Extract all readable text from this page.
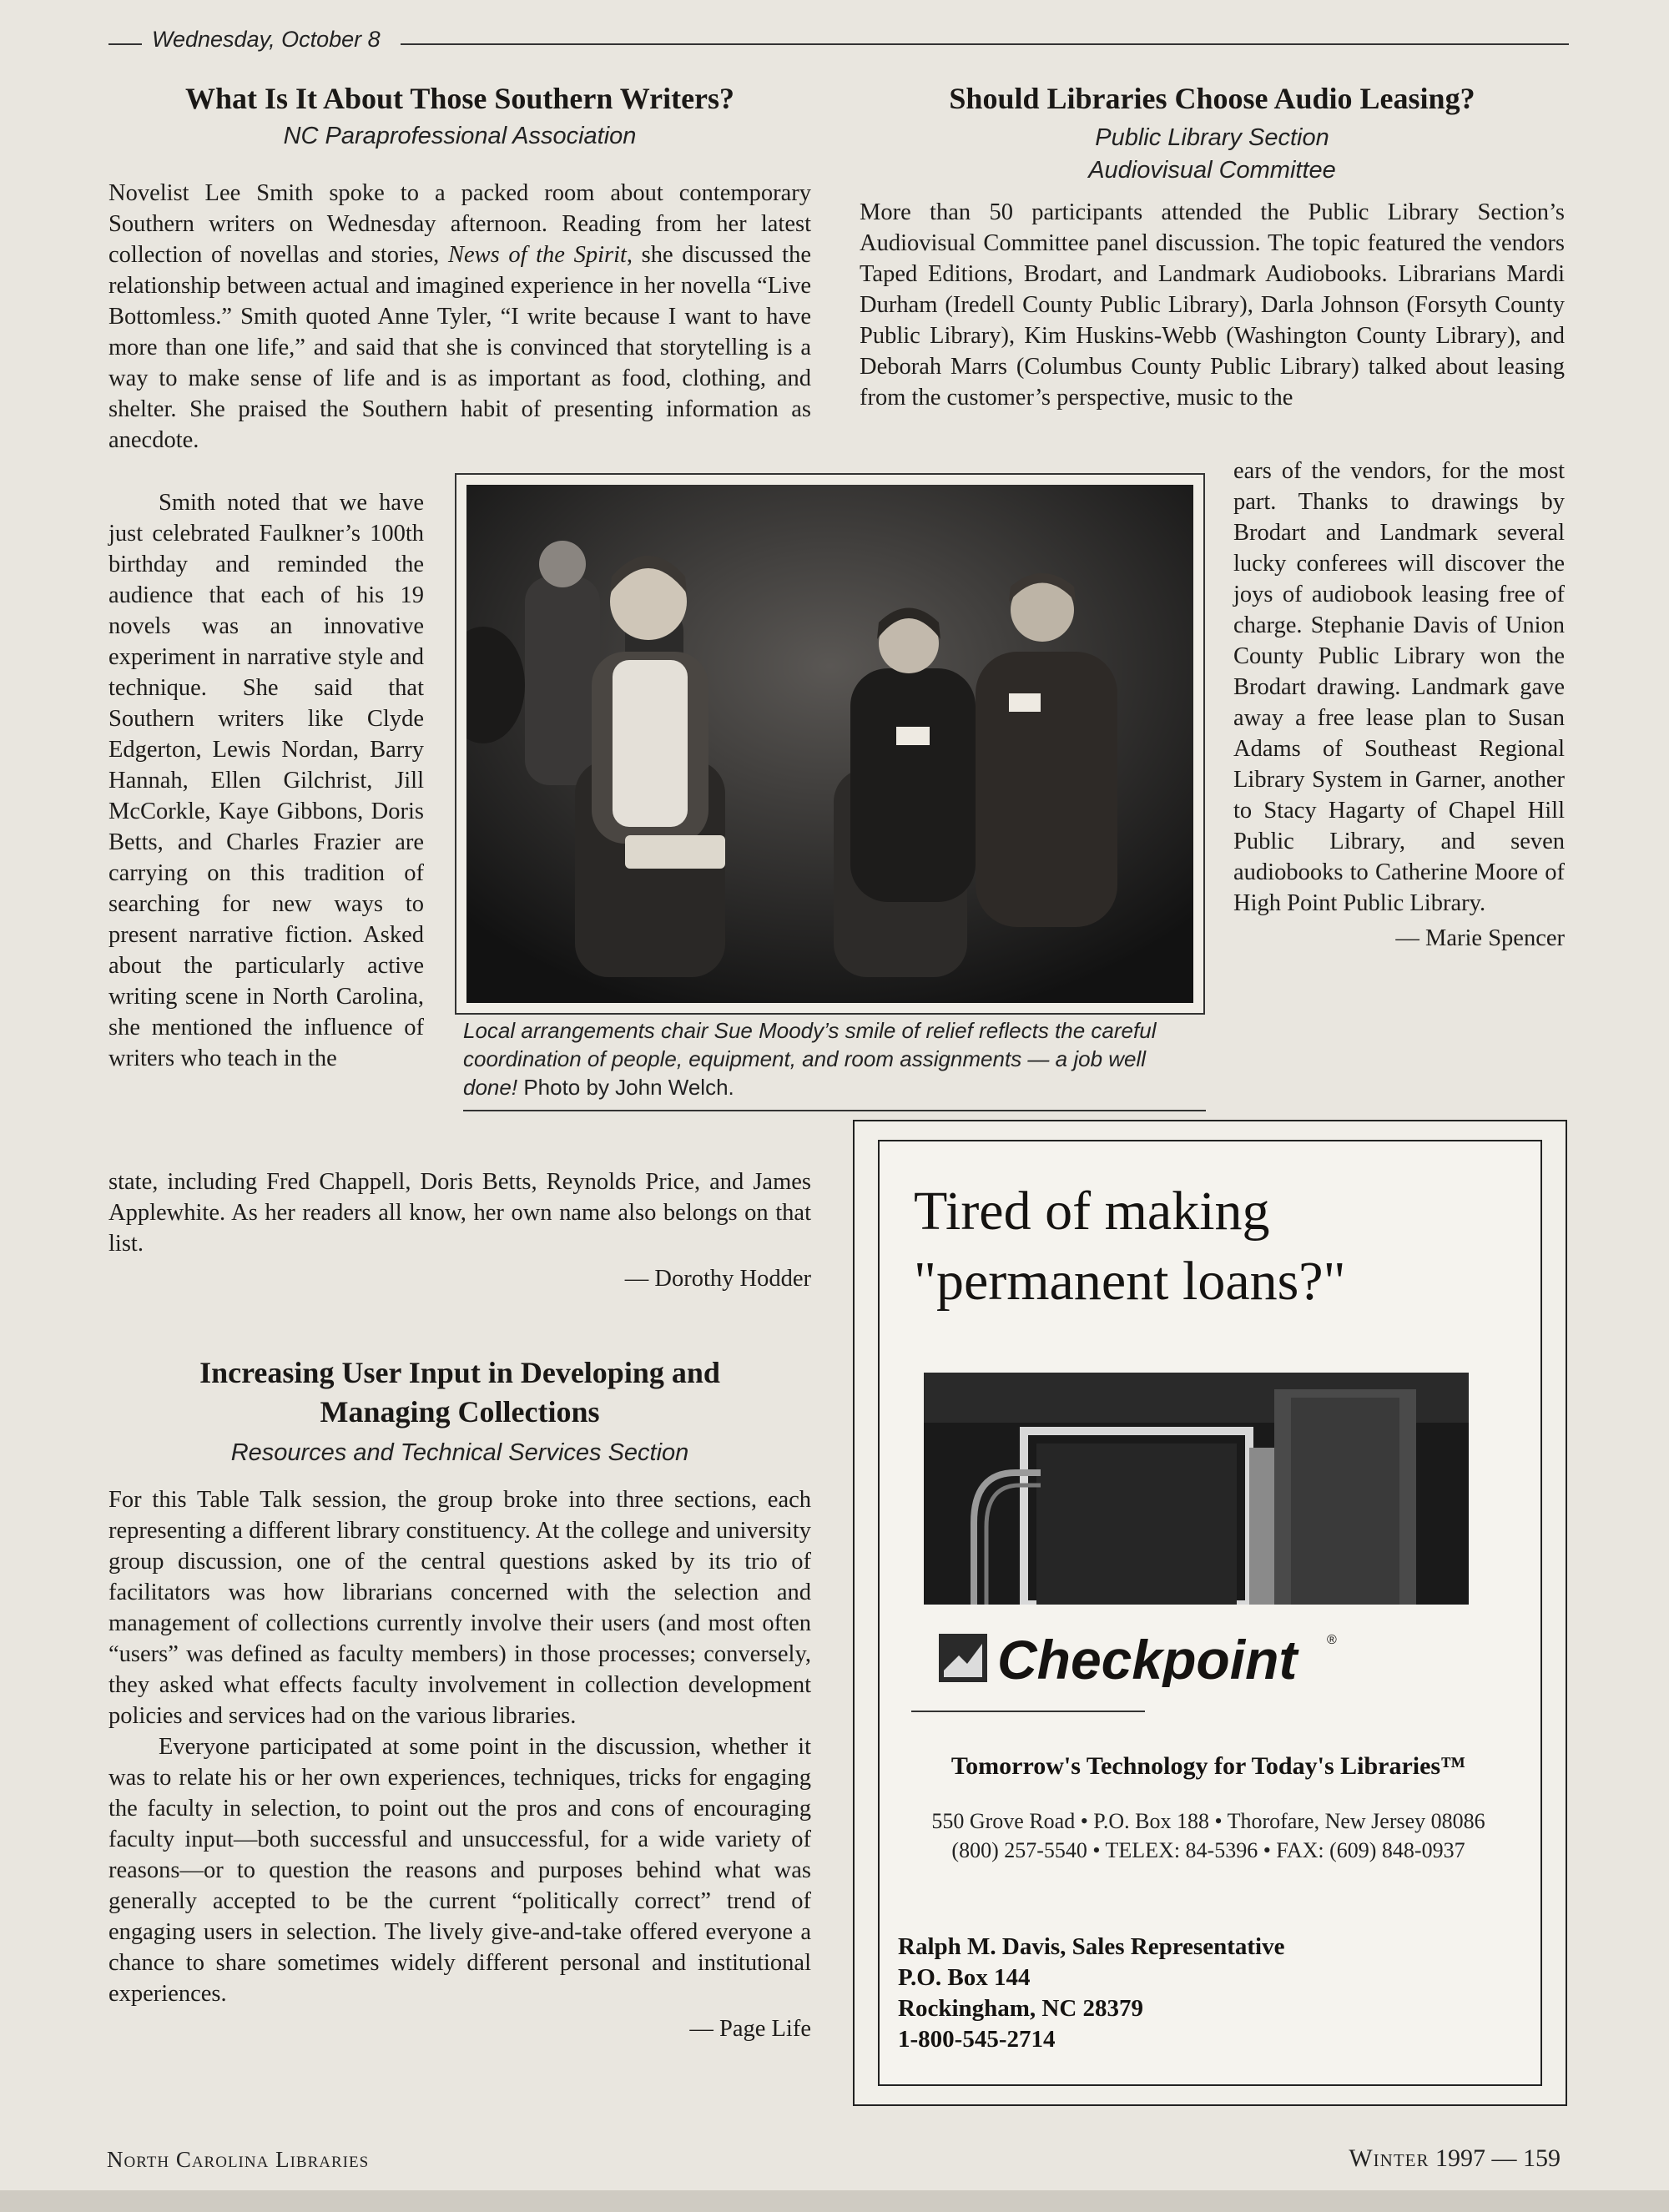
Wednesday, October 8
What Is It About Those Southern Writers?
NC Paraprofessional Association

Novelist Lee Smith spoke to a packed room about contemporary Southern writers on Wednesday afternoon. Reading from her latest collection of novellas and stories, News of the Spirit, she discussed the relationship between actual and imagined experience in her novella “Live Bottomless.” Smith quoted Anne Tyler, “I write because I want to have more than one life,” and said that she is convinced that storytelling is a way to make sense of life and is as important as food, clothing, and shelter. She praised the Southern habit of presenting information as anecdote.

Smith noted that we have just celebrated Faulkner’s 100th birthday and reminded the audience that each of his 19 novels was an innovative experiment in narrative style and technique. She said that Southern writers like Clyde Edgerton, Lewis Nordan, Barry Hannah, Ellen Gilchrist, Jill McCorkle, Kaye Gibbons, Doris Betts, and Charles Frazier are carrying on this tradition of searching for new ways to present narrative fiction. Asked about the particularly active writing scene in North Carolina, she mentioned the influence of writers who teach in the

state, including Fred Chappell, Doris Betts, Reynolds Price, and James Applewhite. As her readers all know, her own name also belongs on that list.

— Dorothy Hodder
Should Libraries Choose Audio Leasing?
Public Library Section
Audiovisual Committee

More than 50 participants attended the Public Library Section’s Audiovisual Committee panel discussion. The topic featured the vendors Taped Editions, Brodart, and Landmark Audiobooks. Librarians Mardi Durham (Iredell County Public Library), Darla Johnson (Forsyth County Public Library), Kim Huskins-Webb (Washington County Library), and Deborah Marrs (Columbus County Public Library) talked about leasing from the customer’s perspective, music to the

ears of the vendors, for the most part. Thanks to drawings by Brodart and Landmark several lucky conferees will discover the joys of audiobook leasing free of charge. Stephanie Davis of Union County Public Library won the Brodart drawing. Landmark gave away a free lease plan to Susan Adams of Southeast Regional Library System in Garner, another to Stacy Hagarty of Chapel Hill Public Library, and seven audiobooks to Catherine Moore of High Point Public Library.

— Marie Spencer
Local arrangements chair Sue Moody’s smile of relief reflects the careful coordination of people, equipment, and room assignments — a job well done! Photo by John Welch.
Increasing User Input in Developing and
Managing Collections
Resources and Technical Services Section

For this Table Talk session, the group broke into three sections, each representing a different library constituency. At the college and university group discussion, one of the central questions asked by its trio of facilitators was how librarians concerned with the selection and management of collections currently involve their users (and most often “users” was defined as faculty members) in those processes; conversely, they asked what effects faculty involvement in collection development policies and services had on the various libraries.

Everyone participated at some point in the discussion, whether it was to relate his or her own experiences, techniques, tricks for engaging the faculty in selection, to point out the pros and cons of encouraging faculty input—both successful and unsuccessful, for a wide variety of reasons—or to question the reasons and purposes behind what was generally accepted to be the current “politically correct” trend of engaging users in selection. The lively give-and-take offered everyone a chance to share sometimes widely different personal and institutional experiences.

— Page Life
Tired of making
"permanent loans?"
Checkpoint ®
Tomorrow's Technology for Today's Libraries™
550 Grove Road • P.O. Box 188 • Thorofare, New Jersey 08086
(800) 257-5540 • TELEX: 84-5396 • FAX: (609) 848-0937
Ralph M. Davis, Sales Representative
P.O. Box 144
Rockingham, NC 28379
1-800-545-2714
North Carolina Libraries	Winter 1997 — 159
